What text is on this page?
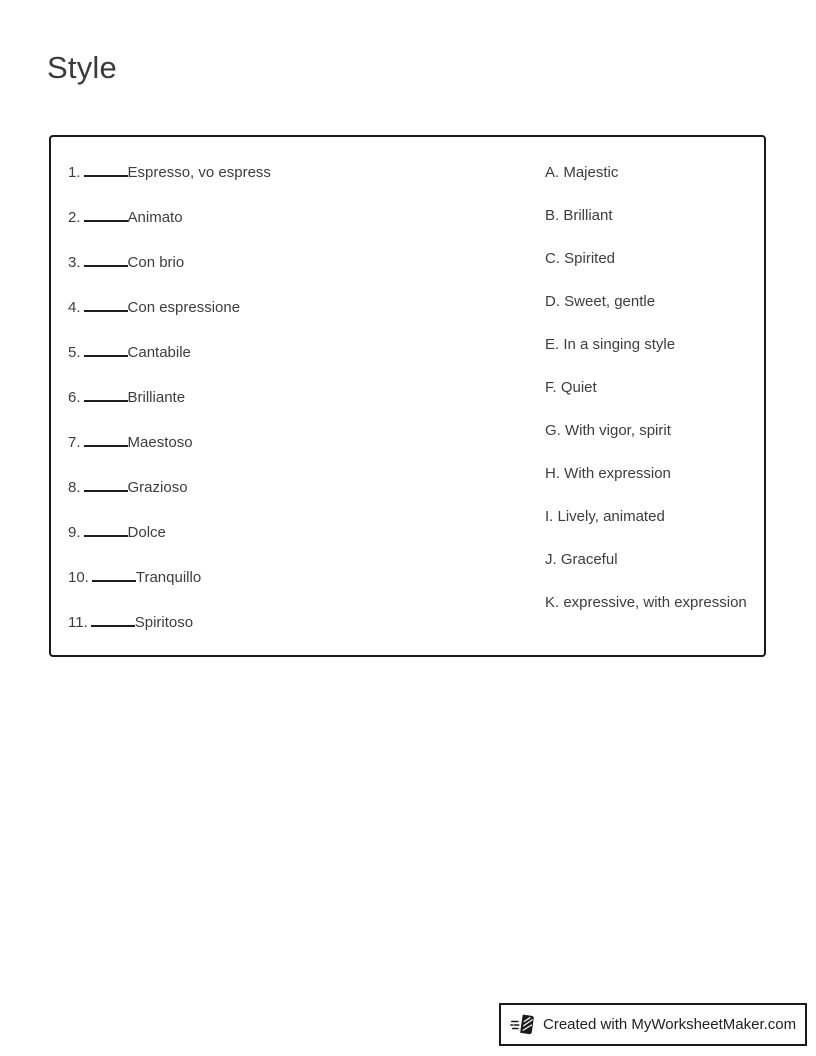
Style
1.	Espresso, vo espress
2.	Animato
3.	Con brio
4.	Con espressione
5.	Cantabile
6.	Brilliante
7.	Maestoso
8.	Grazioso
9.	Dolce
10.	Tranquillo
11.	Spiritoso
A. Majestic
B. Brilliant
C. Spirited
D. Sweet, gentle
E. In a singing style
F. Quiet
G. With vigor, spirit
H. With expression
I. Lively, animated
J. Graceful
K. expressive, with expression
Created with MyWorksheetMaker.com
